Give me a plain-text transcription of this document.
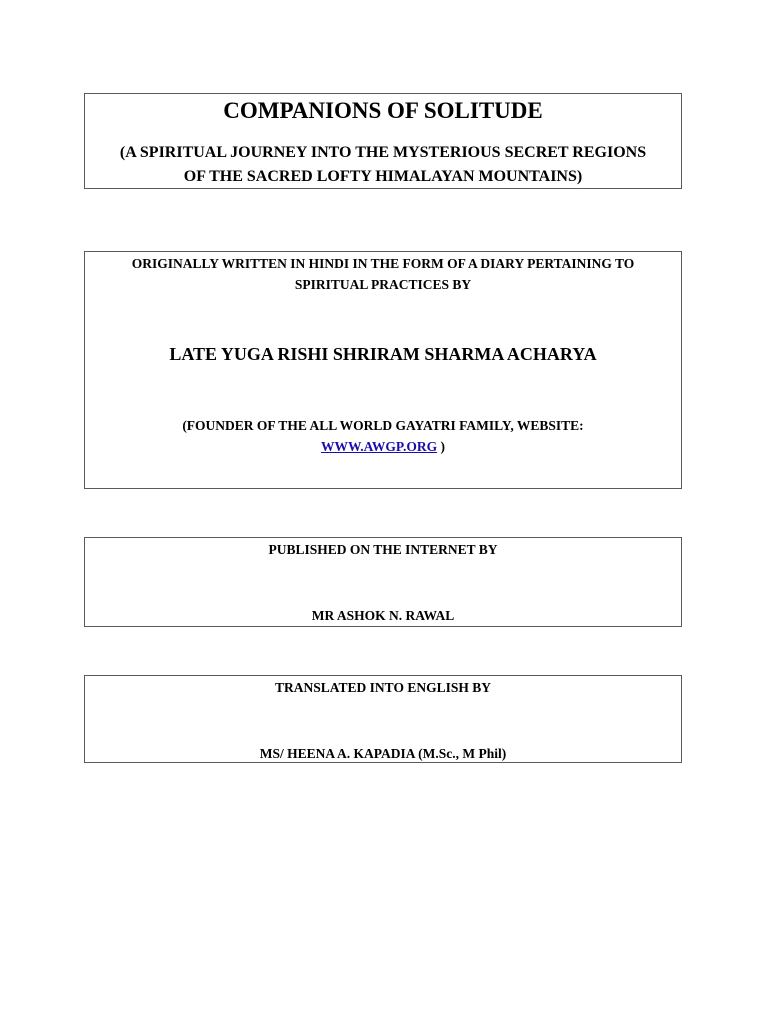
COMPANIONS OF SOLITUDE
(A SPIRITUAL JOURNEY INTO THE MYSTERIOUS SECRET REGIONS
OF THE SACRED LOFTY HIMALAYAN MOUNTAINS)
ORIGINALLY WRITTEN IN HINDI IN THE FORM OF A DIARY PERTAINING TO
SPIRITUAL PRACTICES BY
LATE YUGA RISHI SHRIRAM SHARMA ACHARYA
(FOUNDER OF THE ALL WORLD GAYATRI FAMILY, WEBSITE:
WWW.AWGP.ORG )
PUBLISHED ON THE INTERNET BY
MR ASHOK N. RAWAL
TRANSLATED INTO ENGLISH BY
MS/ HEENA A. KAPADIA (M.Sc., M Phil)
